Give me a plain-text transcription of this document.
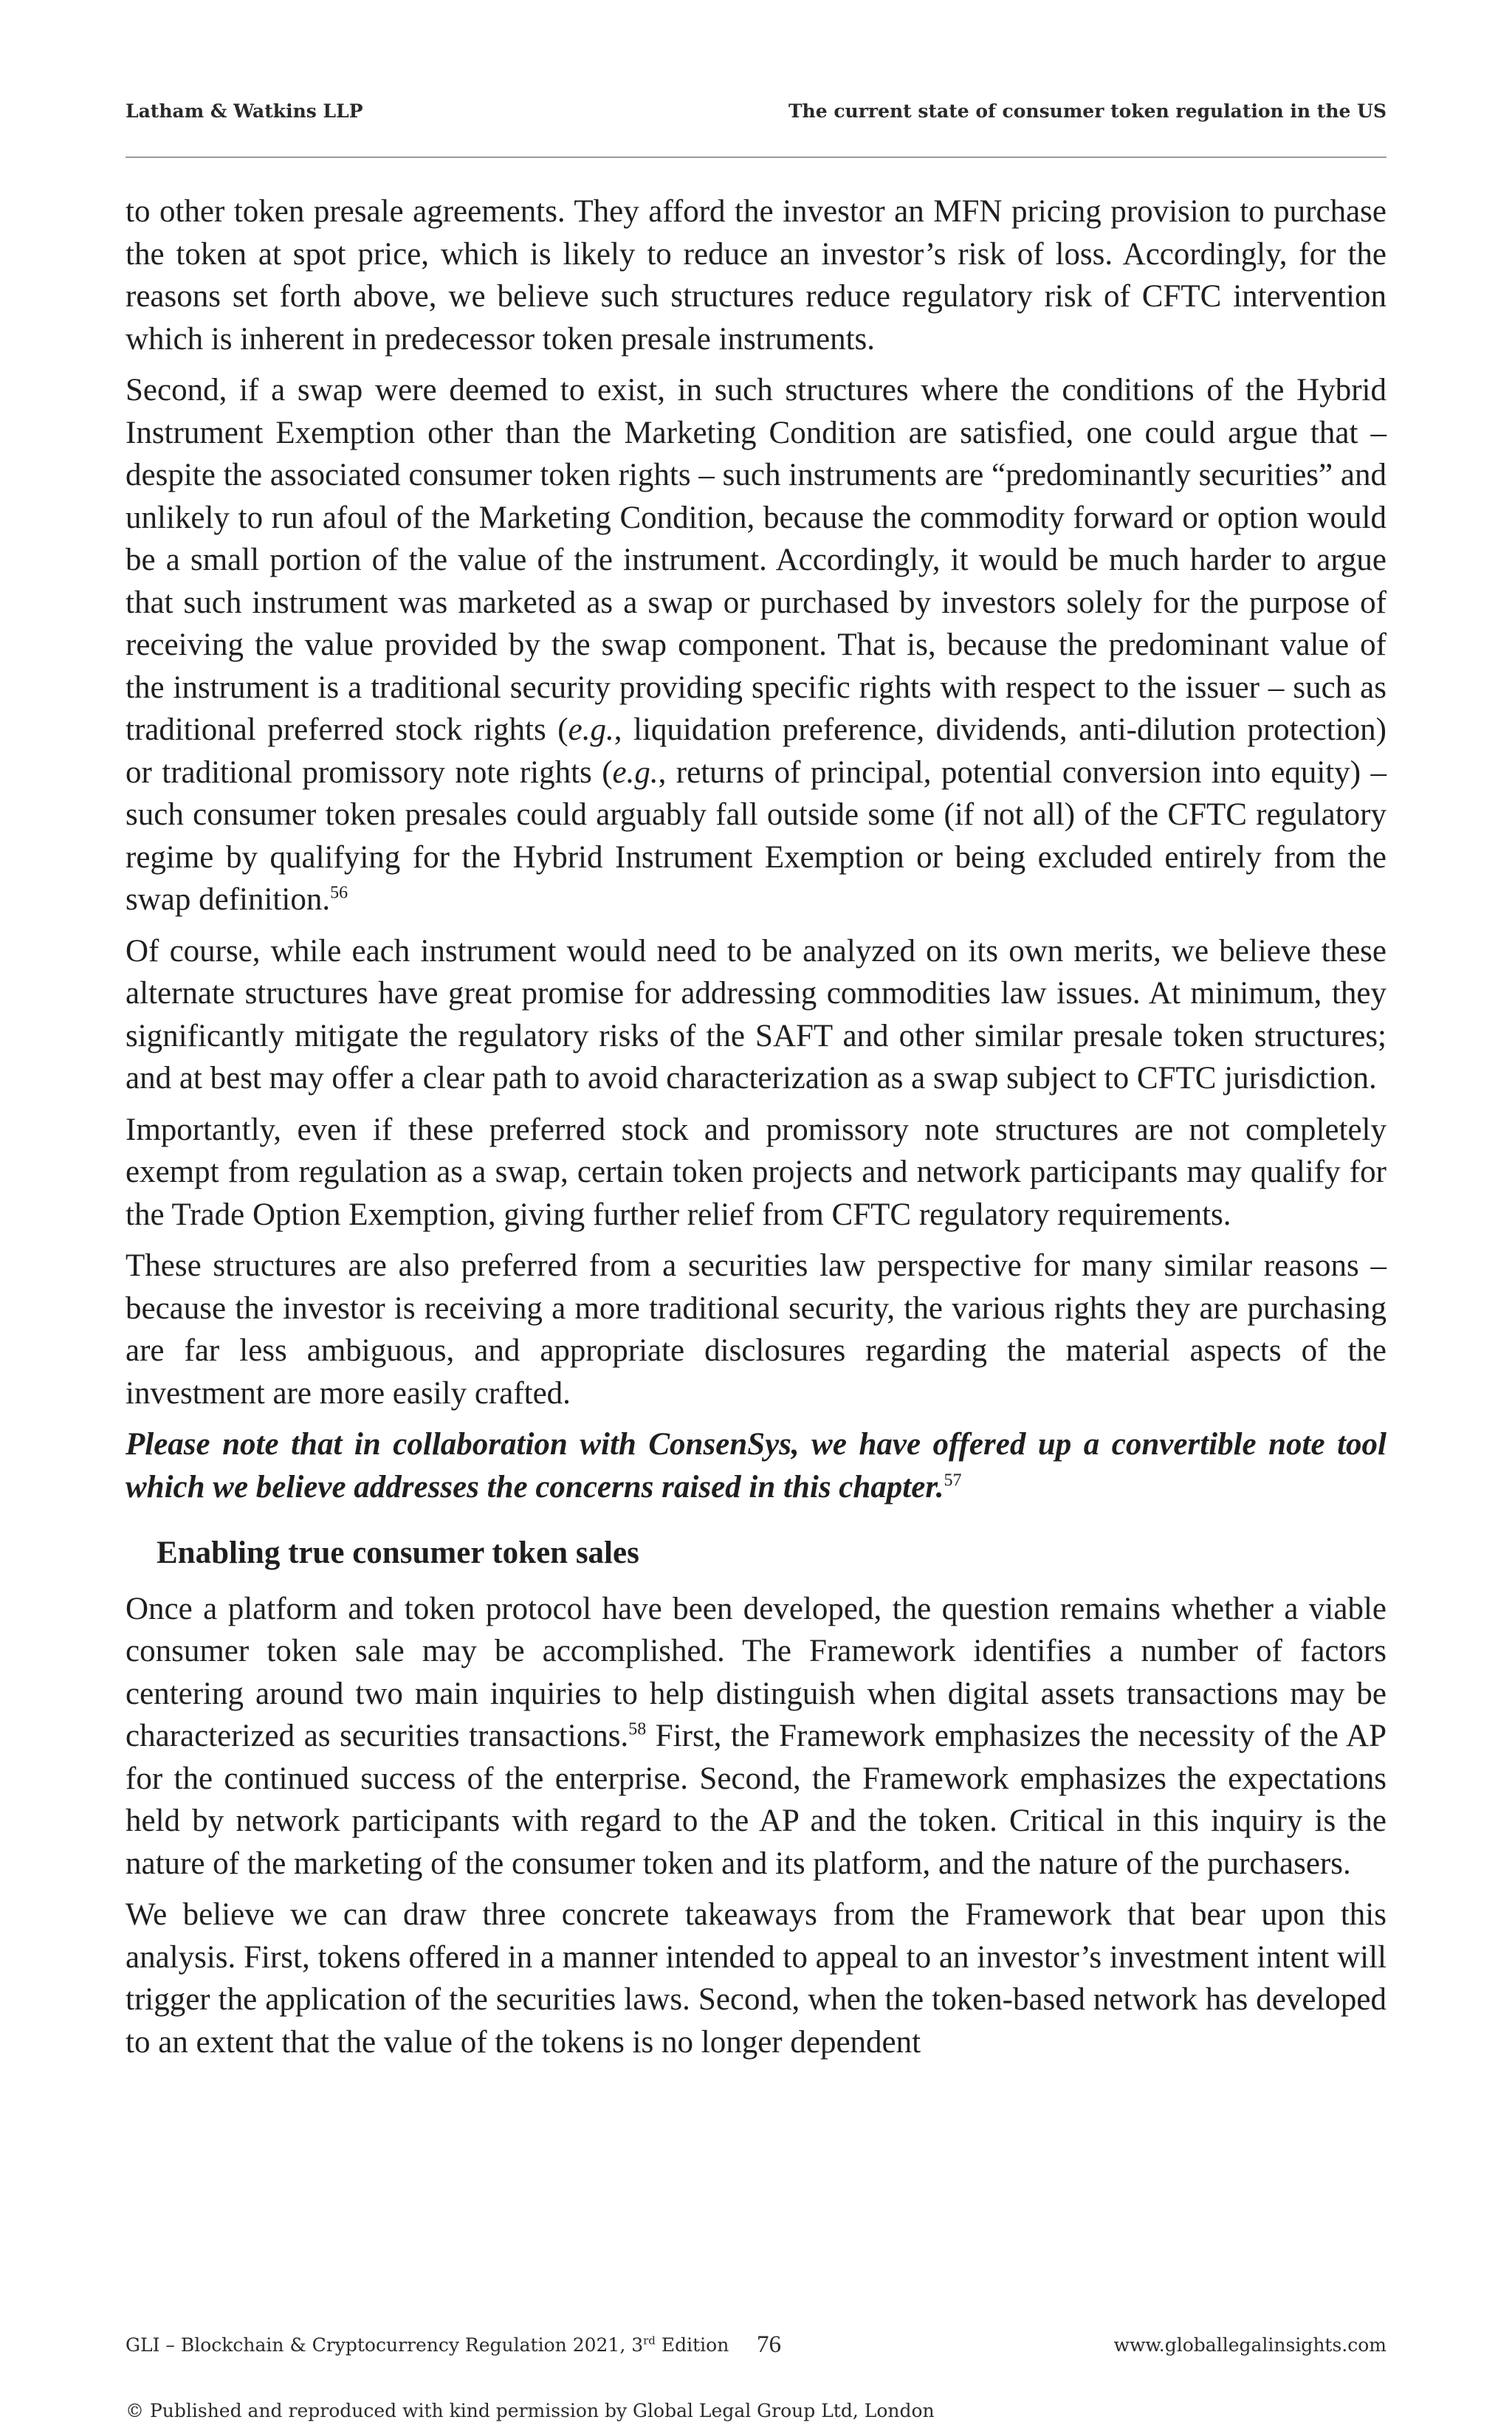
Latham & Watkins LLP	The current state of consumer token regulation in the US

to other token presale agreements. They afford the investor an MFN pricing provision to purchase the token at spot price, which is likely to reduce an investor’s risk of loss. Accordingly, for the reasons set forth above, we believe such structures reduce regulatory risk of CFTC intervention which is inherent in predecessor token presale instruments.

Second, if a swap were deemed to exist, in such structures where the conditions of the Hybrid Instrument Exemption other than the Marketing Condition are satisfied, one could argue that – despite the associated consumer token rights – such instruments are “predominantly securities” and unlikely to run afoul of the Marketing Condition, because the commodity forward or option would be a small portion of the value of the instrument. Accordingly, it would be much harder to argue that such instrument was marketed as a swap or purchased by investors solely for the purpose of receiving the value provided by the swap component. That is, because the predominant value of the instrument is a traditional security providing specific rights with respect to the issuer – such as traditional preferred stock rights (e.g., liquidation preference, dividends, anti-dilution protection) or traditional promissory note rights (e.g., returns of principal, potential conversion into equity) – such consumer token presales could arguably fall outside some (if not all) of the CFTC regulatory regime by qualifying for the Hybrid Instrument Exemption or being excluded entirely from the swap definition.$^{56}$

Of course, while each instrument would need to be analyzed on its own merits, we believe these alternate structures have great promise for addressing commodities law issues. At minimum, they significantly mitigate the regulatory risks of the SAFT and other similar presale token structures; and at best may offer a clear path to avoid characterization as a swap subject to CFTC jurisdiction.

Importantly, even if these preferred stock and promissory note structures are not completely exempt from regulation as a swap, certain token projects and network participants may qualify for the Trade Option Exemption, giving further relief from CFTC regulatory requirements.

These structures are also preferred from a securities law perspective for many similar reasons – because the investor is receiving a more traditional security, the various rights they are purchasing are far less ambiguous, and appropriate disclosures regarding the material aspects of the investment are more easily crafted.

Please note that in collaboration with ConsenSys, we have offered up a convertible note tool which we believe addresses the concerns raised in this chapter.$^{57}$

Enabling true consumer token sales

Once a platform and token protocol have been developed, the question remains whether a viable consumer token sale may be accomplished. The Framework identifies a number of factors centering around two main inquiries to help distinguish when digital assets transactions may be characterized as securities transactions.$^{58}$ First, the Framework emphasizes the necessity of the AP for the continued success of the enterprise. Second, the Framework emphasizes the expectations held by network participants with regard to the AP and the token. Critical in this inquiry is the nature of the marketing of the consumer token and its platform, and the nature of the purchasers.

We believe we can draw three concrete takeaways from the Framework that bear upon this analysis. First, tokens offered in a manner intended to appeal to an investor’s investment intent will trigger the application of the securities laws. Second, when the token-based network has developed to an extent that the value of the tokens is no longer dependent

GLI – Blockchain & Cryptocurrency Regulation 2021, 3rd Edition 76	www.globallegalinsights.com
© Published and reproduced with kind permission by Global Legal Group Ltd, London
